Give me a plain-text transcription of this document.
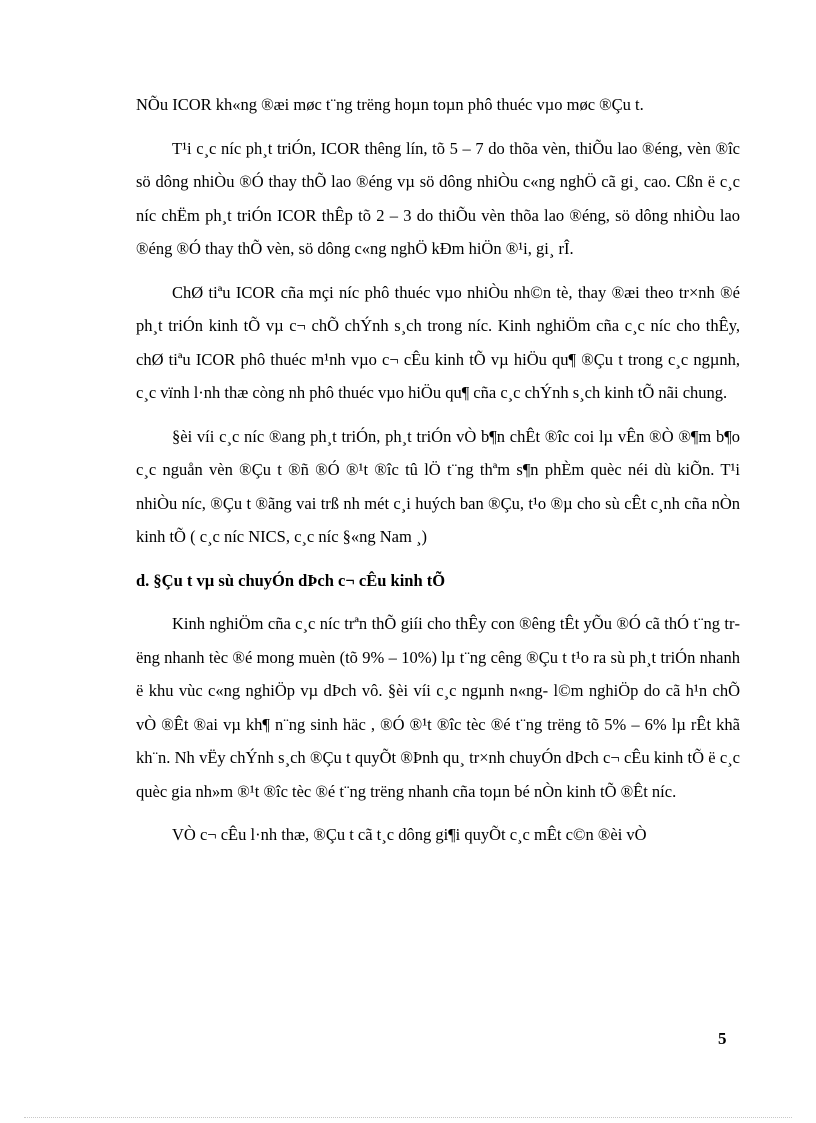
NÕu ICOR kh«ng ®æi møc t¨ng trëng hoµn toµn phô thuéc vµo møc ®Çu t.

T¹i c¸c níc ph¸t triÓn, ICOR thêng lín, tõ 5 – 7 do thõa vèn, thiÕu lao ®éng, vèn ®îc sö dông nhiÒu ®Ó thay thÕ lao ®éng vµ sö dông nhiÒu c«ng nghÖ cã gi¸ cao. Cßn ë c¸c níc chËm ph¸t triÓn ICOR thÊp tõ 2 – 3 do thiÕu vèn thõa lao ®éng, sö dông nhiÒu lao ®éng ®Ó thay thÕ vèn, sö dông c«ng nghÖ kÐm hiÖn ®¹i, gi¸ rÎ.

ChØ tiªu ICOR cña mçi níc phô thuéc vµo nhiÒu nh©n tè, thay ®æi theo tr×nh ®é ph¸t triÓn kinh tÕ vµ c¬ chÕ chÝnh s¸ch trong níc. Kinh nghiÖm cña c¸c níc cho thÊy, chØ tiªu ICOR phô thuéc m¹nh vµo c¬ cÊu kinh tÕ vµ hiÖu qu¶ ®Çu t trong c¸c ngµnh, c¸c vïnh l·nh thæ còng nh phô thuéc vµo hiÖu qu¶ cña c¸c chÝnh s¸ch kinh tÕ nãi chung.

§èi víi c¸c níc ®ang ph¸t triÓn, ph¸t triÓn vÒ b¶n chÊt ®îc coi lµ vÊn ®Ò ®¶m b¶o c¸c nguån vèn ®Çu t ®ñ ®Ó ®¹t ®îc tû lÖ t¨ng thªm s¶n phÈm quèc néi dù kiÕn. T¹i nhiÒu níc, ®Çu t ®ãng vai trß nh mét c¸i huých ban ®Çu, t¹o ®µ cho sù cÊt c¸nh cña nÒn kinh tÕ ( c¸c níc NICS, c¸c níc §«ng Nam ¸)

d. §Çu t vµ sù chuyÓn dÞch c¬ cÊu kinh tÕ

Kinh nghiÖm cña c¸c níc trªn thÕ giíi cho thÊy con ®êng tÊt yÕu ®Ó cã thÓ t¨ng trëng nhanh tèc ®é mong muèn (tõ 9% – 10%) lµ t¨ng cêng ®Çu t t¹o ra sù ph¸t triÓn nhanh ë khu vùc c«ng nghiÖp vµ dÞch vô. §èi víi c¸c ngµnh n«ng- l©m nghiÖp do cã h¹n chÕ vÒ ®Êt ®ai vµ kh¶ n¨ng sinh häc , ®Ó ®¹t ®îc tèc ®é t¨ng trëng tõ 5% – 6% lµ rÊt khã kh¨n. Nh vËy chÝnh s¸ch ®Çu t quyÕt ®Þnh qu¸ tr×nh chuyÓn dÞch c¬ cÊu kinh tÕ ë c¸c quèc gia nh»m ®¹t ®îc tèc ®é t¨ng trëng nhanh cña toµn bé nÒn kinh tÕ ®Êt níc.

VÒ c¬ cÊu l·nh thæ, ®Çu t cã t¸c dông gi¶i quyÕt c¸c mÊt c©n ®èi vÒ

5
